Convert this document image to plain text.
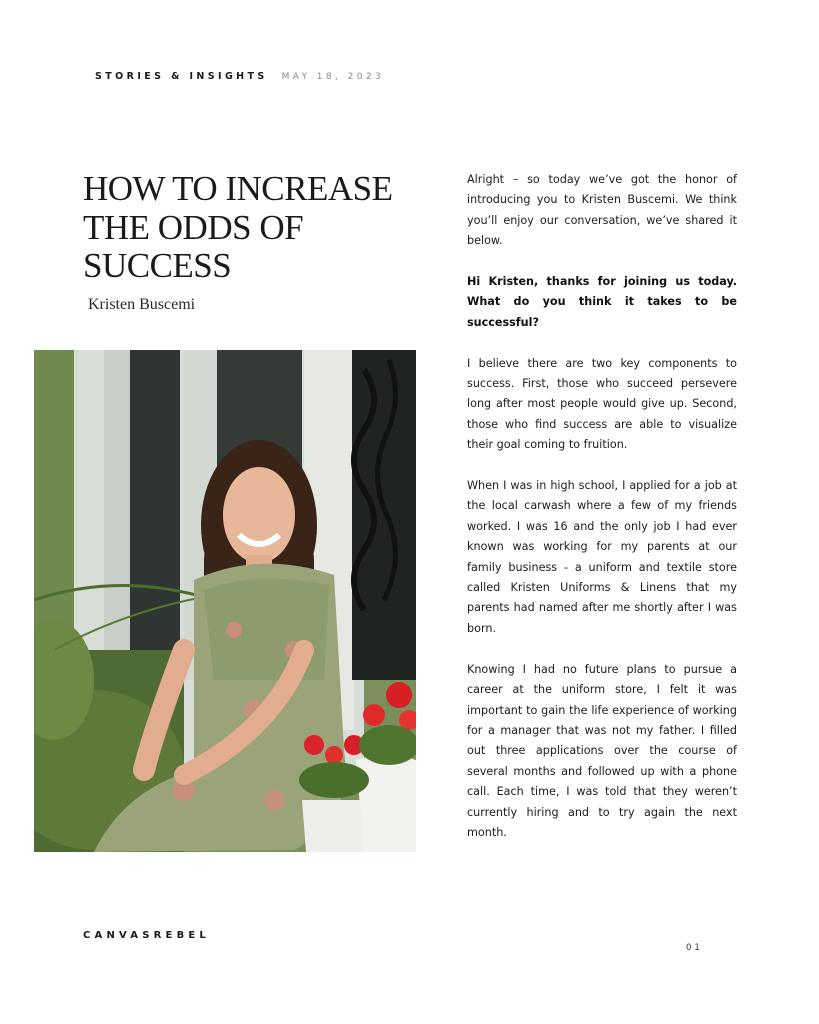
STORIES & INSIGHTS MAY 18, 2023
HOW TO INCREASE THE ODDS OF SUCCESS
Kristen Buscemi

Alright – so today we’ve got the honor of introducing you to Kristen Buscemi. We think you’ll enjoy our conversation, we’ve shared it below.

Hi Kristen, thanks for joining us today. What do you think it takes to be successful?

I believe there are two key components to success. First, those who succeed persevere long after most people would give up. Second, those who find success are able to visualize their goal coming to fruition.

When I was in high school, I applied for a job at the local carwash where a few of my friends worked. I was 16 and the only job I had ever known was working for my parents at our family business - a uniform and textile store called Kristen Uniforms & Linens that my parents had named after me shortly after I was born.

Knowing I had no future plans to pursue a career at the uniform store, I felt it was important to gain the life experience of working for a manager that was not my father. I filled out three applications over the course of several months and followed up with a phone call. Each time, I was told that they weren’t currently hiring and to try again the next month.

CANVASREBEL
01
